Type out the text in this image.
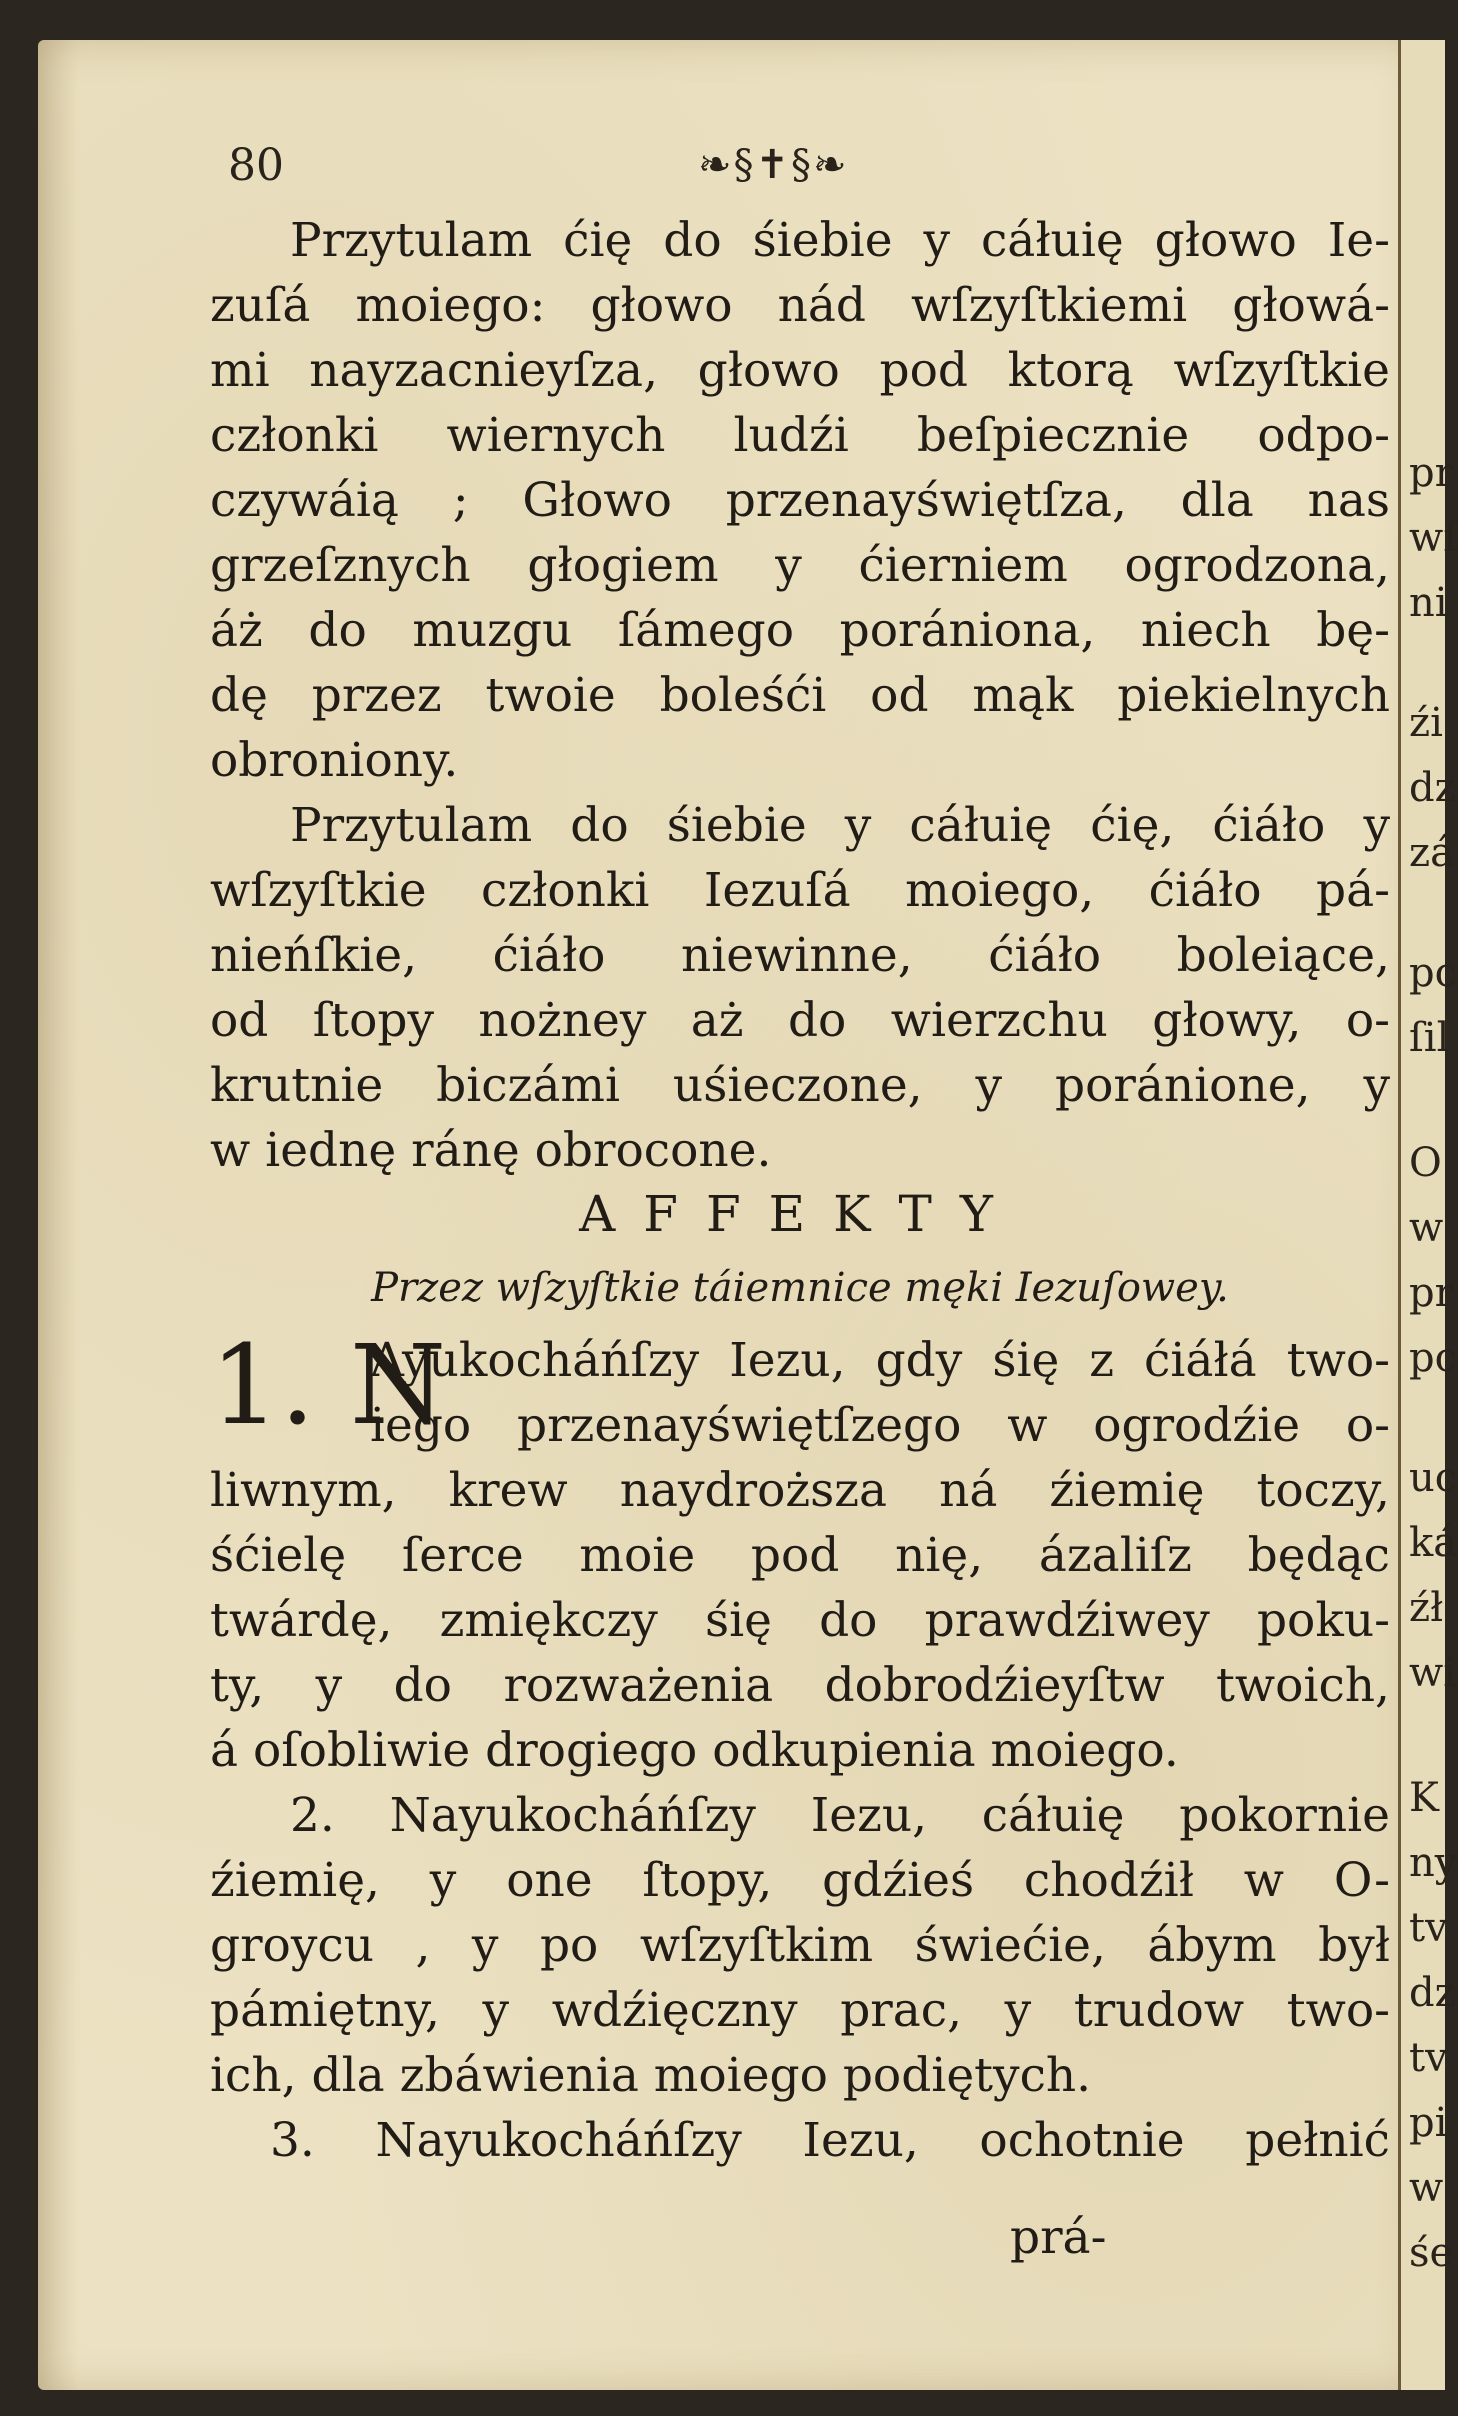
pr
wſ
ni
źi
dz
zá
pc
ſil
O
w
pr
pc
uc
ká
źł
wi
K
ny
tv
dz
tv
pi
w
śe
80	❧§✝§❧
Przytulam ćię do śiebie y cáłuię głowo Ie-
zuſá moiego: głowo nád wſzyſtkiemi głowá-
mi nayzacnieyſza, głowo pod ktorą wſzyſtkie
członki wiernych ludźi beſpiecznie odpo-
czywáią ; Głowo przenayświętſza, dla nas
grzeſznych głogiem y ćierniem ogrodzona,
áż do muzgu ſámego porániona, niech bę-
dę przez twoie boleśći od mąk piekielnych
obroniony.
Przytulam do śiebie y cáłuię ćię, ćiáło y
wſzyſtkie członki Iezuſá moiego, ćiáło pá-
nieńſkie, ćiáło niewinne, ćiáło boleiące,
od ſtopy nożney aż do wierzchu głowy, o-
krutnie biczámi uśieczone, y poránione, y
w iednę ránę obrocone.
AFFEKTY
Przez wſzyſtkie táiemnice męki Iezuſowey.
1. N
Ayukocháńſzy Iezu, gdy śię z ćiáłá two-
iego przenayświętſzego w ogrodźie o-
liwnym, krew naydroższa ná źiemię toczy,
śćielę ſerce moie pod nię, ázaliſz będąc
twárdę, zmiękczy śię do prawdźiwey poku-
ty, y do rozważenia dobrodźieyſtw twoich,
á oſobliwie drogiego odkupienia moiego.
2. Nayukocháńſzy Iezu, cáłuię pokornie
źiemię, y one ſtopy, gdźieś chodźił w O-
groycu , y po wſzyſtkim świećie, ábym był
pámiętny, y wdźięczny prac, y trudow two-
ich, dla zbáwienia moiego podiętych.
3. Nayukocháńſzy Iezu, ochotnie pełnić
prá-
